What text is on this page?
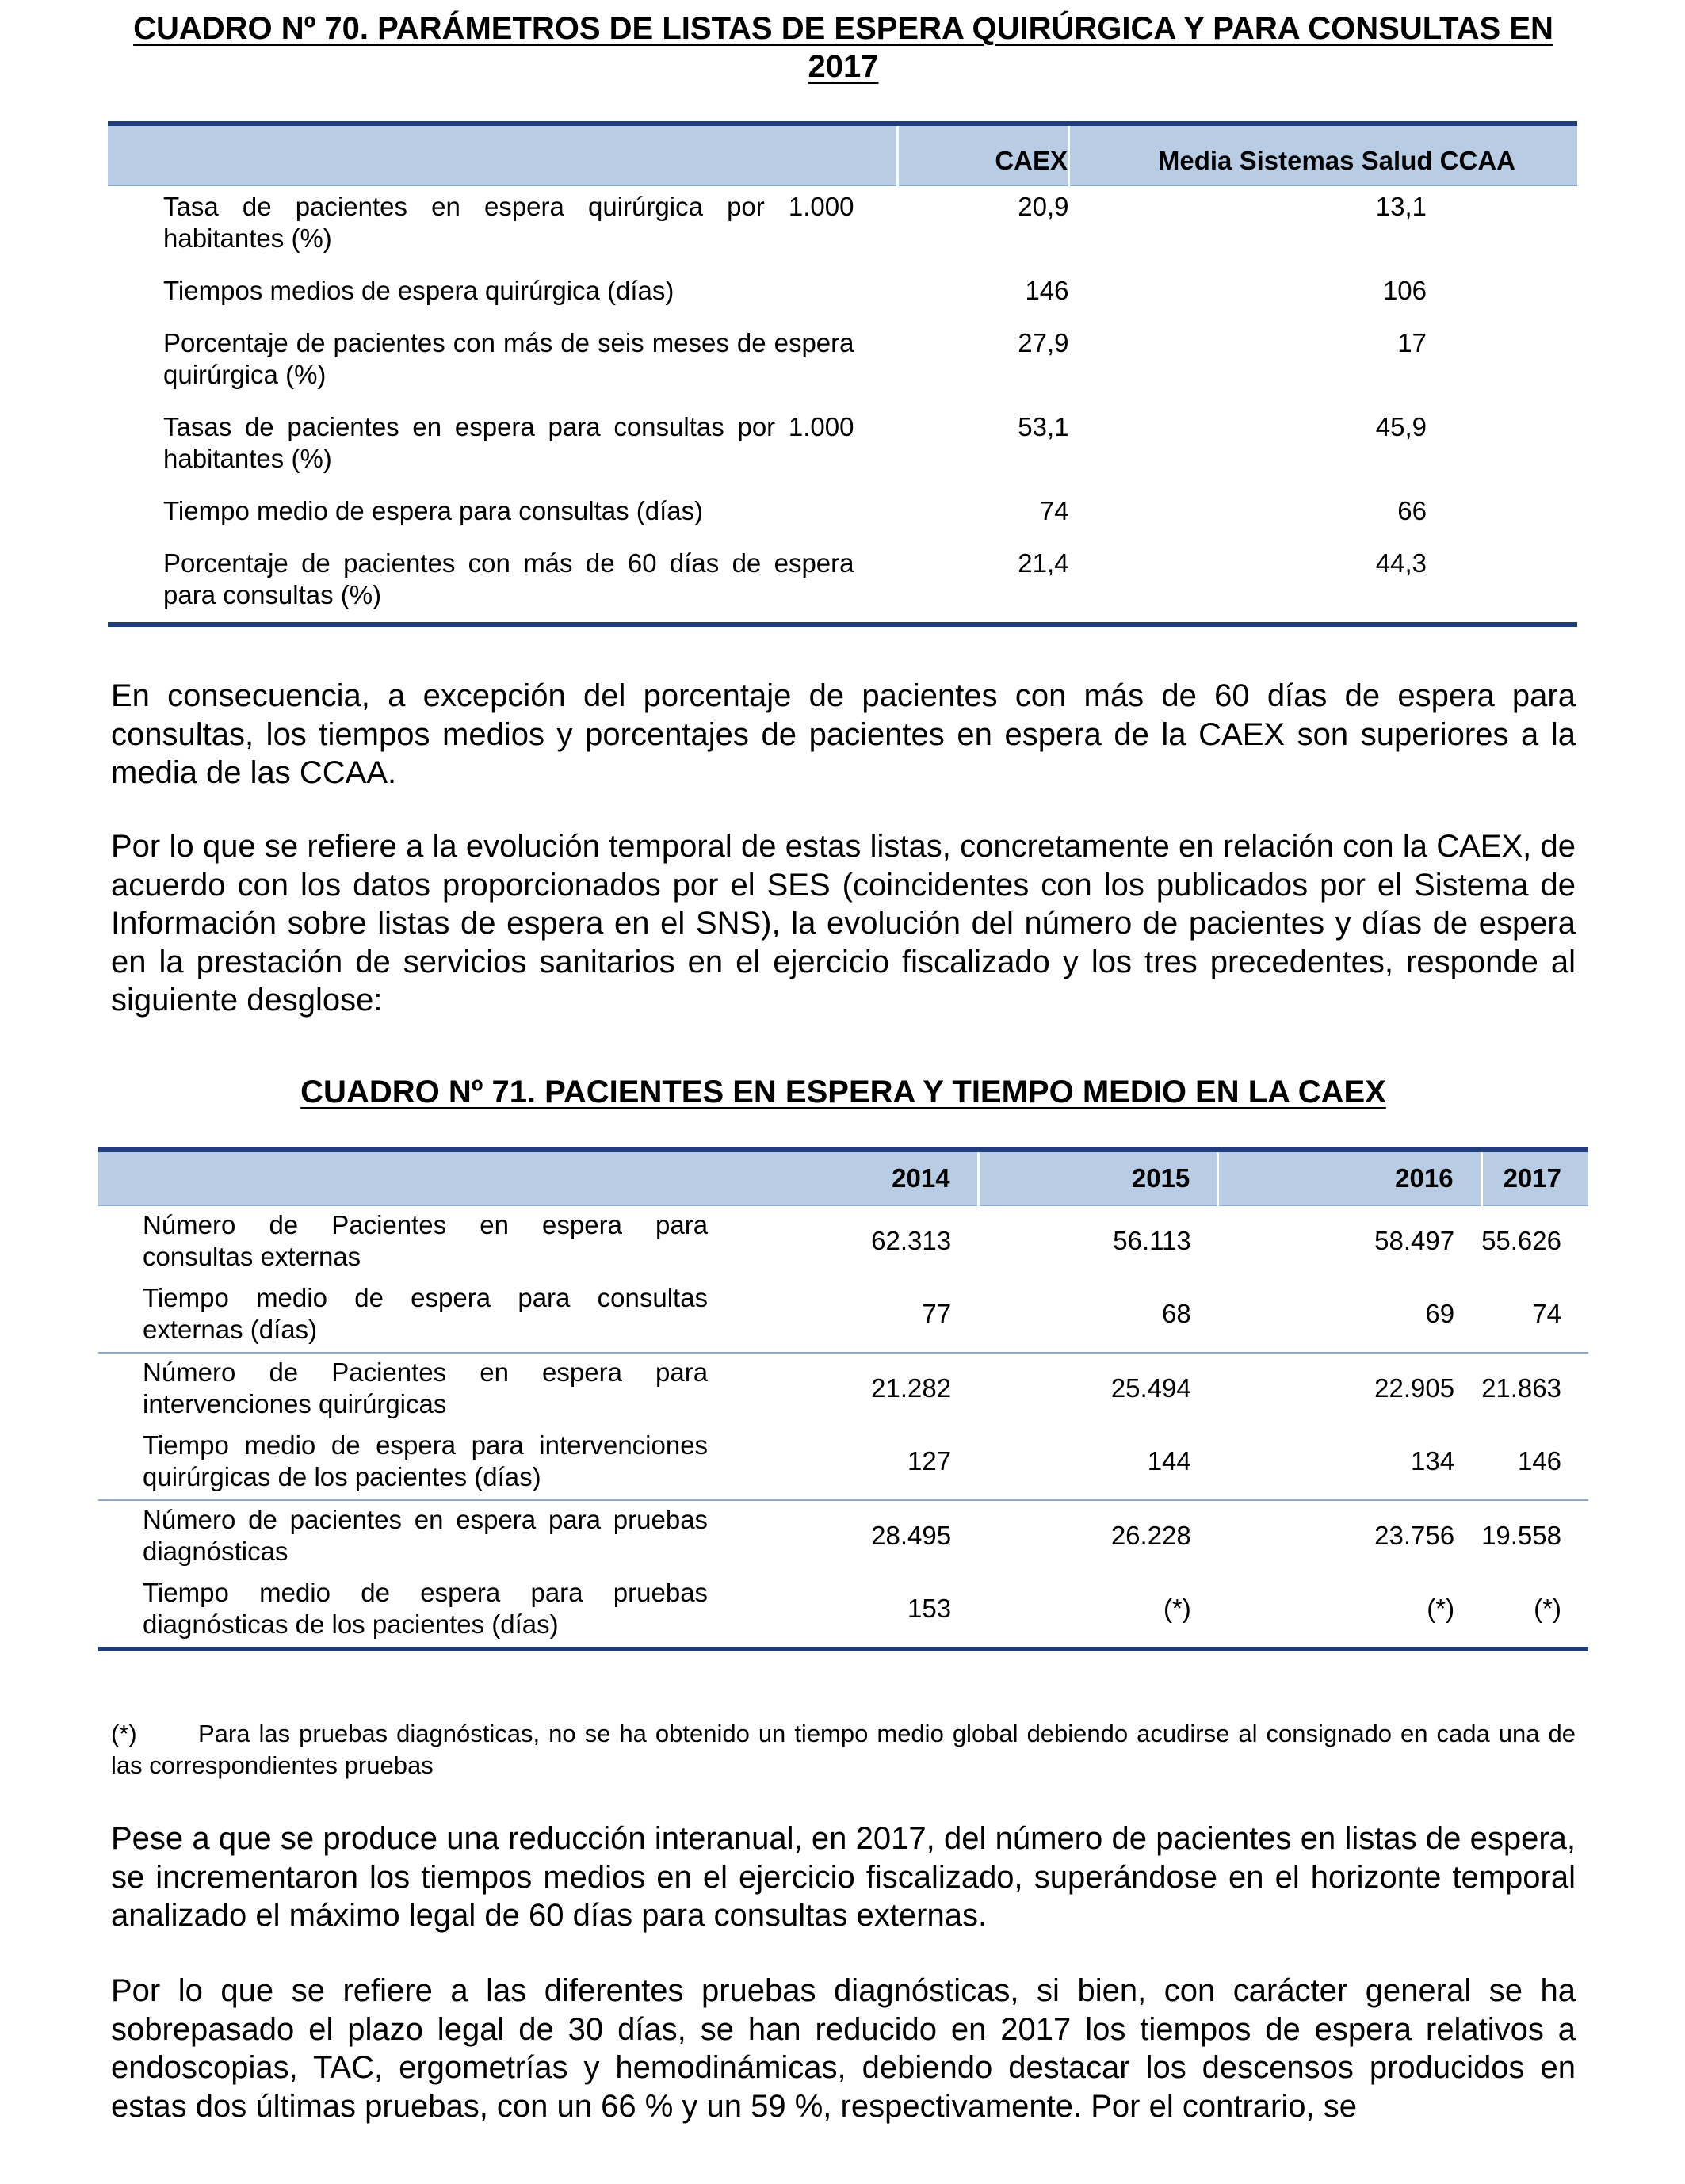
CUADRO Nº 70. PARÁMETROS DE LISTAS DE ESPERA QUIRÚRGICA Y PARA CONSULTAS EN 2017
	CAEX	Media Sistemas Salud CCAA
Tasa de pacientes en espera quirúrgica por 1.000 habitantes (%)	20,9	13,1
Tiempos medios de espera quirúrgica (días)	146	106
Porcentaje de pacientes con más de seis meses de espera quirúrgica (%)	27,9	17
Tasas de pacientes en espera para consultas por 1.000 habitantes (%)	53,1	45,9
Tiempo medio de espera para consultas (días)	74	66
Porcentaje de pacientes con más de 60 días de espera para consultas (%)	21,4	44,3

En consecuencia, a excepción del porcentaje de pacientes con más de 60 días de espera para consultas, los tiempos medios y porcentajes de pacientes en espera de la CAEX son superiores a la media de las CCAA.

Por lo que se refiere a la evolución temporal de estas listas, concretamente en relación con la CAEX, de acuerdo con los datos proporcionados por el SES (coincidentes con los publicados por el Sistema de Información sobre listas de espera en el SNS), la evolución del número de pacientes y días de espera en la prestación de servicios sanitarios en el ejercicio fiscalizado y los tres precedentes, responde al siguiente desglose:

CUADRO Nº 71. PACIENTES EN ESPERA Y TIEMPO MEDIO EN LA CAEX
	2014	2015	2016	2017
Número de Pacientes en espera para
consultas externas	62.313	56.113	58.497	55.626
Tiempo medio de espera para consultas
externas (días)	77	68	69	74
Número de Pacientes en espera para
intervenciones quirúrgicas	21.282	25.494	22.905	21.863
Tiempo medio de espera para intervenciones
quirúrgicas de los pacientes (días)	127	144	134	146
Número de pacientes en espera para pruebas
diagnósticas	28.495	26.228	23.756	19.558
Tiempo medio de espera para pruebas
diagnósticas de los pacientes (días)	153	(*)	(*)	(*)

(*) Para las pruebas diagnósticas, no se ha obtenido un tiempo medio global debiendo acudirse al consignado en cada una de las correspondientes pruebas

Pese a que se produce una reducción interanual, en 2017, del número de pacientes en listas de espera, se incrementaron los tiempos medios en el ejercicio fiscalizado, superándose en el horizonte temporal analizado el máximo legal de 60 días para consultas externas.

Por lo que se refiere a las diferentes pruebas diagnósticas, si bien, con carácter general se ha sobrepasado el plazo legal de 30 días, se han reducido en 2017 los tiempos de espera relativos a endoscopias, TAC, ergometrías y hemodinámicas, debiendo destacar los descensos producidos en estas dos últimas pruebas, con un 66 % y un 59 %, respectivamente. Por el contrario, se
